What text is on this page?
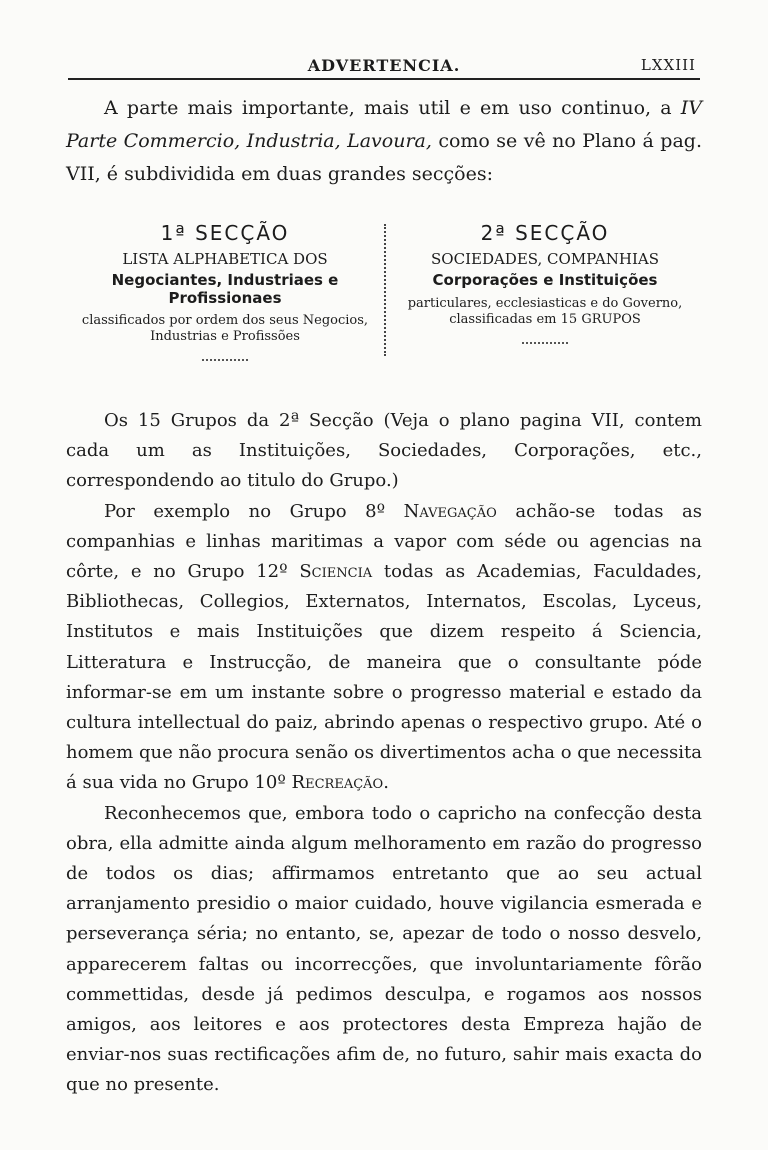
ADVERTENCIA.	LXXIII

A parte mais importante, mais util e em uso continuo, a IV Parte Commercio, Industria, Lavoura, como se vê no Plano á pag. VII, é subdividida em duas grandes secções:

1ª SECÇÃO
LISTA ALPHABETICA DOS
Negociantes, Industriaes e Profissionaes
classificados por ordem dos seus Negocios, Industrias e Profissões
2ª SECÇÃO
SOCIEDADES, COMPANHIAS
Corporações e Instituições
particulares, ecclesiasticas e do Governo, classificadas em 15 GRUPOS

Os 15 Grupos da 2ª Secção (Veja o plano pagina VII, contem cada um as Instituições, Sociedades, Corporações, etc., correspondendo ao titulo do Grupo.)

Por exemplo no Grupo 8º Navegação achão-se todas as companhias e linhas maritimas a vapor com séde ou agencias na côrte, e no Grupo 12º Sciencia todas as Academias, Faculdades, Bibliothecas, Collegios, Externatos, Internatos, Escolas, Lyceus, Institutos e mais Instituições que dizem respeito á Sciencia, Litteratura e Instrucção, de maneira que o consultante póde informar-se em um instante sobre o progresso material e estado da cultura intellectual do paiz, abrindo apenas o respectivo grupo. Até o homem que não procura senão os divertimentos acha o que necessita á sua vida no Grupo 10º Recreação.

Reconhecemos que, embora todo o capricho na confecção desta obra, ella admitte ainda algum melhoramento em razão do progresso de todos os dias; affirmamos entretanto que ao seu actual arranjamento presidio o maior cuidado, houve vigilancia esmerada e perseverança séria; no entanto, se, apezar de todo o nosso desvelo, apparecerem faltas ou incorrecções, que involuntariamente fôrão commettidas, desde já pedimos desculpa, e rogamos aos nossos amigos, aos leitores e aos protectores desta Empreza hajão de enviar-nos suas rectificações afim de, no futuro, sahir mais exacta do que no presente.
